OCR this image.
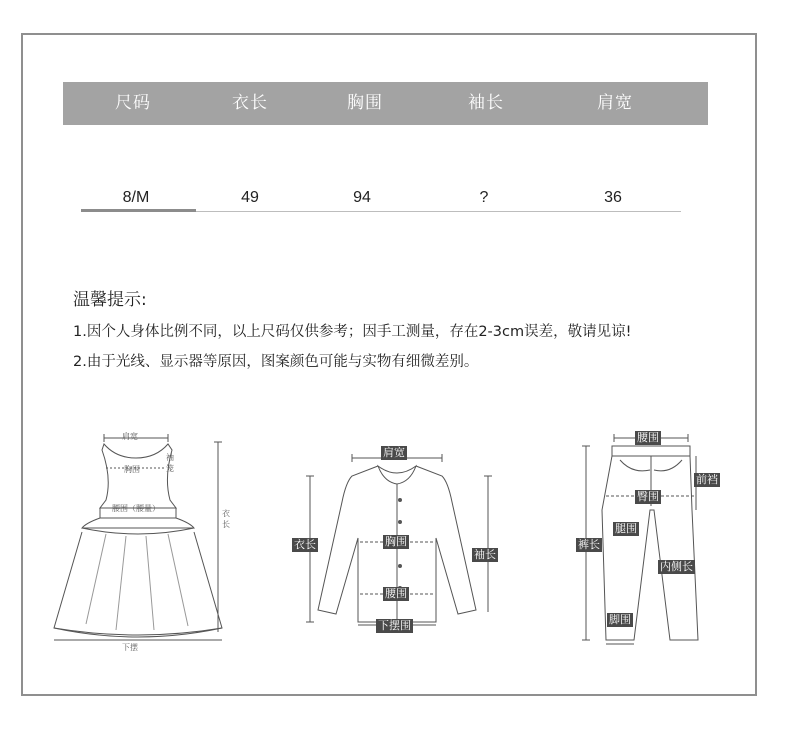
尺码	衣长	胸围	袖长	肩宽
8/M	49	94	?	36
温馨提示:
1.因个人身体比例不同，以上尺码仅供参考；因手工测量，存在2-3cm误差，敬请见谅!
2.由于光线、显示器等原因，图案颜色可能与实物有细微差别。
肩宽
胸围
袖笼
腰围（腰量）
衣长
下摆
肩宽
衣长	胸围
袖长
腰围
下摆围
腰围
前裆
臀围
腿围
裤长
内侧长
脚围
